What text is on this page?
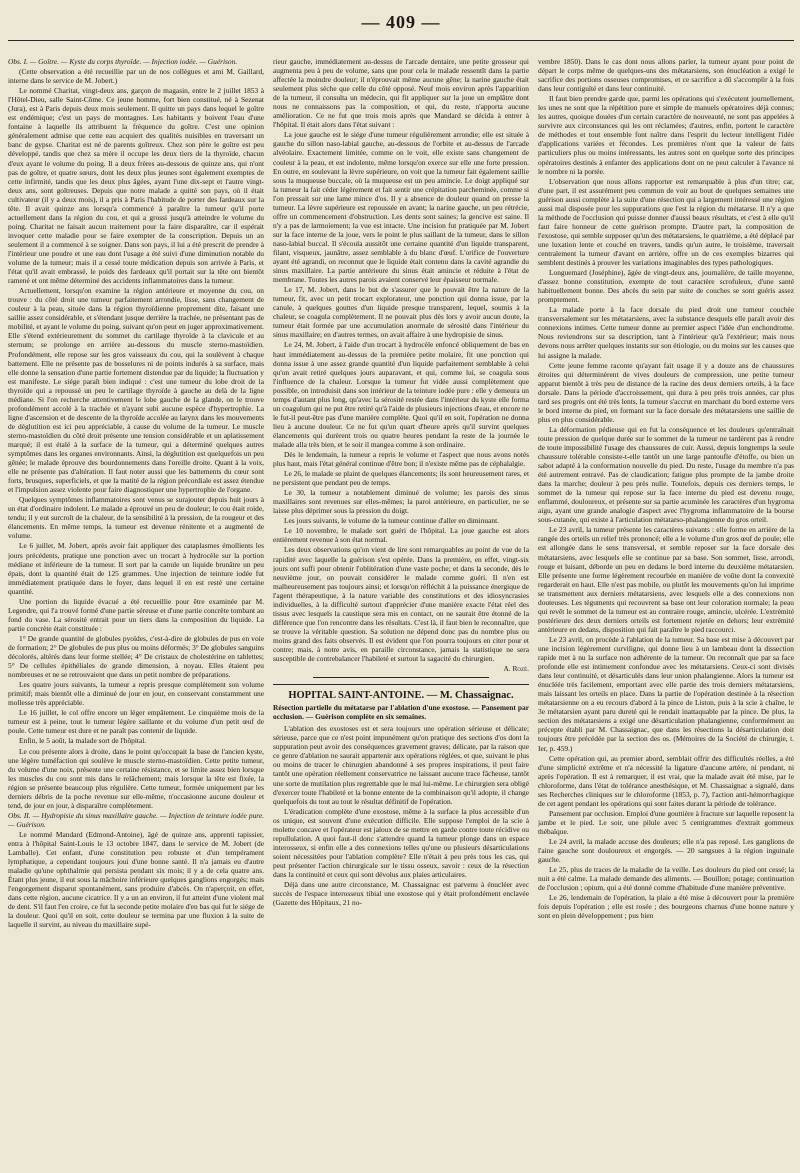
— 409 —

Obs. I. — Goître. — Kyste du corps thyroïde. — Injection iodée. — Guérison.

(Cette observation a été recueillie par un de nos collègues et ami M. Gaillard, interne dans le service de M. Jobert.)

Le nommé Charitat, vingt-deux ans, garçon de magasin, entre le 2 juillet 1853 à l'Hôtel-Dieu, salle Saint-Côme. Ce jeune homme, fort bien constitué, né à Sezenat (Jura), est à Paris depuis deux mois seulement. Il quitte un pays dans lequel le goître est endémique; c'est un pays de montagnes. Les habitants y boivent l'eau d'une fontaine à laquelle ils attribuent la fréquence du goître. C'est une opinion généralement admise que cette eau acquiert des qualités nuisibles en traversant un banc de gypse. Charitat est né de parents goîtreux. Chez son père le goître est peu développé, tandis que chez sa mère il occupe les deux tiers de la thyroïde, chacun d'eux ayant le volume du poing. Il a deux frères au-dessous de quinze ans, qui n'ont pas de goître, et quatre sœurs, dont les deux plus jeunes sont également exemptes de cette infirmité, tandis que les deux plus âgées, ayant l'une dix-sept et l'autre vingt-deux ans, sont goîtreuses. Depuis que notre malade a quitté son pays, où il était cultivateur (il y a deux mois), il a pris à Paris l'habitude de porter des fardeaux sur la tête. Il avait quinze ans lorsqu'a commencé à paraître la tumeur qu'il porte actuellement dans la région du cou, et qui a grossi jusqu'à atteindre le volume du poing. Charitat ne faisait aucun traitement pour la faire disparaître, car il espérait invoquer cette maladie pour se faire exempter de la conscription. Depuis un an seulement il a commencé à se soigner. Dans son pays, il lui a été prescrit de prendre à l'intérieur une poudre et une eau dont l'usage a été suivi d'une diminution notable du volume de la tumeur; mais il a cessé toute médication depuis son arrivée à Paris, et l'état qu'il avait embrassé, le poids des fardeaux qu'il portait sur la tête ont bientôt ramené et ont même déterminé des accidents inflammatoires dans la tumeur.

Actuellement, lorsqu'on examine la région antérieure et moyenne du cou, on trouve : du côté droit une tumeur parfaitement arrondie, lisse, sans changement de couleur à la peau, située dans la région thyroïdienne proprement dite, faisant une saillie assez considérable, et s'étendant jusque derrière la trachée, ne présentant pas de mobilité, et ayant le volume du poing, suivant qu'on peut en juger approximativement. Elle s'étend extérieurement du sommet du cartilage thyroïde à la clavicule et au sternum; se prolonge en arrière au-dessous du muscle sterno-mastoïdien. Profondément, elle repose sur les gros vaisseaux du cou, qui la soulèvent à chaque battement. Elle ne présente pas de bosselures ni de points indurés à sa surface, mais elle donne la sensation d'une partie fortement distendue par du liquide; la fluctuation y est manifeste. Le siége paraît bien indiqué : c'est une tumeur du lobe droit de la thyroïde qui a repoussé un peu le cartilage thyroïde à gauche au delà de la ligne médiane. Si l'on recherche attentivement le lobe gauche de la glande, on le trouve profondément accolé à la trachée et n'ayant subi aucune espèce d'hypertrophie. La ligne d'ascension et de descente de la thyroïde accolée au larynx dans les mouvements de déglutition est ici peu appréciable, à cause du volume de la tumeur. Le muscle sterno-mastoïdien du côté droit présente une tension considérable et un aplatissement marqué; il est étalé à la surface de la tumeur, qui a déterminé quelques autres symptômes dans les organes environnants. Ainsi, la déglutition est quelquefois un peu gênée; le malade éprouve des bourdonnements dans l'oreille droite. Quant à la voix, elle ne présente pas d'altération. Il faut noter aussi que les battements du cœur sont forts, brusques, superficiels, et que la matité de la région précordiale est assez étendue et l'impulsion assez violente pour faire diagnostiquer une hypertrophie de l'organe.

Quelques symptômes inflammatoires sont venus se surajouter depuis huit jours à un état d'ordinaire indolent. Le malade a éprouvé un peu de douleur; le cou était roide, tendu; il y eut surcroît de la chaleur, de la sensibilité à la pression, de la rougeur et des élancements. En même temps, la tumeur est devenue rénitente et a augmenté de volume.

Le 6 juillet, M. Jobert, après avoir fait appliquer des cataplasmes émollients les jours précédents, pratique une ponction avec un trocart à hydrocèle sur la portion médiane et inférieure de la tumeur. Il sort par la canule un liquide brunâtre un peu épais, dont la quantité était de 125 grammes. Une injection de teinture iodée fut immédiatement pratiquée dans le foyer, dans lequel il en est resté une certaine quantité.

Une portion du liquide évacué a été recueillie pour être examinée par M. Legendre, qui l'a trouvé formé d'une partie séreuse et d'une partie concrète tombant au fond du vase. La sérosité entrait pour un tiers dans la composition du liquide. La partie concrète était constituée :

1° De grande quantité de globules pyoïdes, c'est-à-dire de globules de pus en voie de formation; 2° De globules de pus plus ou moins déformés; 3° De globules sanguins décolorés, altérés dans leur forme stellée; 4° De cristaux de cholestérine en tablettes; 5° De cellules épithéliales de grande dimension, à noyau. Elles étaient peu nombreuses et ne se retrouvaient que dans un petit nombre de préparations.

Les quatre jours suivants, la tumeur a repris presque complètement son volume primitif; mais bientôt elle a diminué de jour en jour, en conservant constamment une mollesse très appréciable.

Le 16 juillet, le col offre encore un léger empâtement. Le cinquième mois de la tumeur est à peine, tout le tumeur légère saillante et du volume d'un petit œuf de poule. Cette tumeur est dure et ne paraît pas contenir de liquide.

Enfin, le 5 août, la malade sort de l'hôpital.

Le cou présente alors à droite, dans le point qu'occupait la base de l'ancien kyste, une légère tuméfaction qui soulève le muscle sterno-mastoïdien. Cette petite tumeur, du volume d'une noix, présente une certaine résistance, et se limite assez bien lorsque les muscles du cou sont mis dans le relâchement; mais lorsque la tête est fixée, la région se présente beaucoup plus régulière. Cette tumeur, formée uniquement par les derniers débris de la poche revenue sur elle-même, n'occasionne aucune douleur et tend, de jour en jour, à disparaître complètement.

Obs. II. — Hydropisie du sinus maxillaire gauche. — Injection de teinture iodée pure. — Guérison.

Le nommé Mandard (Edmond-Antoine), âgé de quinze ans, apprenti tapissier, entra à l'hôpital Saint-Louis le 13 octobre 1847, dans le service de M. Jobert (de Lamballe). Cet enfant, d'une constitution peu robuste et d'un tempérament lymphatique, a cependant toujours joui d'une bonne santé. Il n'a jamais eu d'autre maladie qu'une ophthalmie qui persista pendant six mois; il y a de cela quatre ans. Étant plus jeune, il eut sous la mâchoire inférieure quelques ganglions engorgés; mais l'engorgement disparut spontanément, sans produire d'abcès. On n'aperçoit, en effet, dans cette région, aucune cicatrice. Il y a un an environ, il fut atteint d'une violent mal de dent. S'il faut l'en croire, ce fut la seconde petite molaire d'en bas qui fut le siége de la douleur. Quoi qu'il en soit, cette douleur se termina par une fluxion à la suite de laquelle il survint, au niveau du maxillaire supé-

rieur gauche, immédiatement au-dessus de l'arcade dentaire, une petite grosseur qui augmenta peu à peu de volume, sans que pour cela le malade ressentît dans la partie affectée la moindre douleur; il n'éprouvait même aucune gêne; la narine gauche était seulement plus sèche que celle du côté opposé. Neuf mois environ après l'apparition de la tumeur, il consulta un médecin, qui fit appliquer sur la joue un emplâtre dont nous ne connaissons pas la composition, et qui, du reste, n'apporta aucune amélioration. Ce ne fut que trois mois après que Mandard se décida à entrer à l'hôpital. Il était alors dans l'état suivant :

La joue gauche est le siége d'une tumeur régulièrement arrondie; elle est située à gauche du sillon naso-labial gauche, au-dessous de l'orbite et au-dessus de l'arcade alvéolaire. Exactement limitée, comme on le voit, elle existe sans changement de couleur à la peau, et est indolente, même lorsqu'on exerce sur elle une forte pression. En outre, en soulevant la lèvre supérieure, on voit que la tumeur fait également saillie sous la muqueuse buccale, où la muqueuse est un peu amincie. Le doigt appliqué sur la tumeur la fait céder légèrement et fait sentir une crépitation parcheminée, comme si l'on pressait sur une lame mince d'os. Il y a absence de douleur quand on presse la tumeur. La lèvre supérieure est repoussée en avant; la narine gauche, un peu rétrécie, offre un commencement d'obstruction. Les dents sont saines; la gencive est saine. Il n'y a pas de larmoiement; la vue est intacte. Une incision fut pratiquée par M. Jobert sur la face interne de la joue, vers le point le plus saillant de la tumeur, dans le sillon naso-labial buccal. Il s'écoula aussitôt une certaine quantité d'un liquide transparent, filant, visqueux, jaunâtre, assez semblable à du blanc d'œuf. L'orifice de l'ouverture ayant été agrandi, on reconnut que le liquide était contenu dans la cavité agrandie du sinus maxillaire. La partie antérieure du sinus était amincie et réduite à l'état de membrane. Toutes les autres parois avaient conservé leur épaisseur normale.

Le 17, M. Jobert, dans le but de s'assurer que le pouvait être la nature de la tumeur, fit, avec un petit trocart explorateur, une ponction qui donna issue, par la canule, à quelques gouttes d'un liquide presque transparent, lequel, soumis à la chaleur, se coagula complètement. Il ne pouvait plus dès lors y avoir aucun doute, la tumeur était formée par une accumulation anormale de sérosité dans l'intérieur du sinus maxillaire; en d'autres termes, on avait affaire à une hydropisie de sinus.

Le 24, M. Jobert, à l'aide d'un trocart à hydrocèle enfoncé obliquement de bas en haut immédiatement au-dessus de la première petite molaire, fit une ponction qui donna issue à une assez grande quantité d'un liquide parfaitement semblable à celui qu'on avait retiré quelques jours auparavant, et qui, comme lui, se coagula sous l'influence de la chaleur. Lorsque la tumeur fut vidée aussi complètement que possible, on introduisit dans son intérieur de la teinture iodée pure : elle y demeura un temps d'autant plus long, qu'avec la sérosité restée dans l'intérieur du kyste elle forma un coagulum qui ne put être retiré qu'à l'aide de plusieurs injections d'eau, et encore ne le fut-il peut-être pas d'une manière complète. Quoi qu'il en soit, l'opération ne donna lieu à aucune douleur. Ce ne fut qu'un quart d'heure après qu'il survint quelques élancements qui durèrent trois ou quatre heures pendant la reste de la journée le malade alla très bien, et le soir il mangea comme à son ordinaire.

Dès le lendemain, la tumeur a repris le volume et l'aspect que nous avons notés plus haut, mais l'état général continue d'être bon; il n'existe même pas de céphalalgie.

Le 26, le malade se plaint de quelques élancements; ils sont heureusement rares, et ne persistent que pendant peu de temps.

Le 30, la tumeur a notablement diminué de volume; les parois des sinus maxillaires sont revenues sur elles-mêmes; la paroi antérieure, en particulier, ne se laisse plus déprimer sous la pression du doigt.

Les jours suivants, le volume de la tumeur continue d'aller en diminuant.

Le 10 novembre, le malade sort guéri de l'hôpital. La joue gauche est alors entièrement revenue à son état normal.

Les deux observations qu'on vient de lire sont remarquables au point de vue de la rapidité avec laquelle la guérison s'est opérée. Dans la première, en effet, vingt-six jours ont suffi pour obtenir l'oblitération d'une vaste poche; et dans la seconde, dès le neuvième jour, on pouvait considérer le malade comme guéri. Il n'en est malheureusement pas toujours ainsi; et lorsqu'on réfléchit à la puissance énergique de l'agent thérapeutique, à la nature variable des constitutions et des idiosyncrasies individuelles, à la difficulté surtout d'apprécier d'une manière exacte l'état réel des tissus avec lesquels la caustique sera mis en contact, on ne saurait être étonné de la différence que l'on rencontre dans les résultats. C'est là, il faut bien le reconnaître, que se trouve la véritable question. Sa solution ne dépend donc pas du nombre plus ou moins grand des faits observés. Il est évident que l'on pourra toujours en citer pour et contre; mais, à notre avis, en paraille circonstance, jamais la statistique ne sera susceptible de contrebalancer l'habileté et surtout la sagacité du chirurgien.

A. Rozé.

HOPITAL SAINT-ANTOINE. — M. Chassaignac.

Résection partielle du métatarse par l'ablation d'une exostose. — Pansement par occlusion. — Guérison complète en six semaines.

L'ablation des exostoses est et sera toujours une opération sérieuse et délicate; sérieuse, parce que ce n'est point impunément qu'on pratique des sections d'os dont la suppuration peut avoir des conséquences gravement graves; délicate, par la raison que ce genre d'ablation ne saurait appartenir aux opérations réglées, et que, suivant le plus ou moins de tracer le chirurgien abandonné à ses propres inspirations, il peut faire tantôt une opération réellement conservatrice ne laissant aucune trace fâcheuse, tantôt une sorte de mutilation plus regrettable que le mal lui-même. Le chirurgien sera obligé d'exercer toute l'habileté et la bonne entente de la combinaison qu'il adopte, il change quelquefois du tout au tout le résultat définitif de l'opération.

L'éradication complète d'une exostose, même à la surface la plus accessible d'un os unique, est souvent d'une exécution difficile. Elle suppose l'emploi de la scie à molette concave et l'opérateur est jaloux de se mettre en garde contre toute récidive ou repullulation. A quoi faut-il donc s'attendre quand la tumeur plonge dans un espace interosseux, si enfin elle a des connexions telles qu'une ou plusieurs désarticulations soient nécessitées pour l'ablation complète? Elle n'était à peu près tous les cas, qui peut présenter l'action chirurgicale sur le tissu osseux, savoir : ceux de la résection dans la continuité et ceux qui sont dévolus aux plaies articulaires.

Déjà dans une autre circonstance, M. Chassaignac est parvenu à énucléer avec succès de l'espace interosseux tibial une exostose qui y était profondément enclavée (Gazette des Hôpitaux, 21 no-

vembre 1850). Dans le cas dont nous allons parler, la tumeur ayant pour point de départ le corps même de quelques-uns des métatarsiens, son énucléation a exigé le sacrifice des portions osseuses compromises, et ce sacrifice a dû s'accomplir à la fois dans leur contiguïté et dans leur continuité.

Il faut bien prendre garde que, parmi les opérations qui s'exécutent journellement, les unes ne sont que la répétition pure et simple de manuels opératoires déjà connus; les autres, quoique douées d'un certain caractère de nouveauté, ne sont pas appelées à survivre aux circonstances qui les ont réclamées; d'autres, enfin, portent le caractère de méthodes et tout ensemble font naître dans l'esprit du lecteur intelligent l'idée d'applications variées et fécondes. Les premières n'ont que la valeur de faits particuliers plus ou moins intéressants, les autres sont en quelque sorte des principes opératoires destinés à enfanter des applications dont on ne peut calculer à l'avance ni le nombre ni la portée.

L'observation que nous allons rapporter est remarquable à plus d'un titre; car, d'une part, il est assurément peu commun de voir au bout de quelques semaines une guérison aussi complète à la suite d'une résection qui a largement intéressé une région aussi mal disposée pour les suppurations que l'est la région du métatarse. Il n'y a que la méthode de l'occlusion qui puisse donner d'aussi beaux résultats, et c'est à elle qu'il faut faire honneur de cette guérison prompte. D'autre part, la composition de l'exostose, qui semble supposer qu'un des métatarsiens, le quatrième, a été déplacé par une luxation lente et couché en travers, tandis qu'un autre, le troisième, traversait centralement la tumeur d'avant en arrière, offre un de ces exemples bizarres qui semblent destinés à prouver les variations imaginables des types pathologiques.

Longuemard (Joséphine), âgée de vingt-deux ans, journalière, de taille moyenne, d'assez bonne constitution, exempte de tout caractère scrofuleux, d'une santé habituellement bonne. Des abcès du sein par suite de couches se sont guéris assez promptement.

La malade porte à la face dorsale du pied droit une tumeur couchée transversalement sur les métatarsiens, avec la substance desquels elle paraît avoir des connexions intimes. Cette tumeur donne au premier aspect l'idée d'un enchondrome. Nous reviendrons sur sa description, tant à l'intérieur qu'à l'extérieur; mais nous devons nous arrêter quelques instants sur son étiologie, ou du moins sur les causes que lui assigne la malade.

Cette jeune femme raconte qu'ayant fait usage il y a douze ans de chaussures étroites qui déterminèrent de vives douleurs de compression, une petite tumeur apparut bientôt à très peu de distance de la racine des deux derniers orteils, à la face dorsale. Dans la période d'accroissement, qui dura à peu près trois années, car plus tard ses progrès ont été très lents, la tumeur s'accrut en marchant du bord externe vers le bord interne du pied, en formant sur la face dorsale des métatarsiens une saillie de plus en plus considérable.

La déformation pédieuse qui en fut la conséquence et les douleurs qu'entraînait toute pression de quelque durée sur le sommet de la tumeur ne tardèrent pas à rendre de toute impossibilité l'usage des chaussures de cuir. Aussi, depuis longtemps la seule chaussure tolérable consiste-t-elle tantôt un une large pantoufle d'étoffe, ou bien un sabot adapté à la conformation nouvelle du pied. Du reste, l'usage du membre n'a pas été autrement entravé. Pas de claudication; fatigue plus prompte de la jambe droite dans la marche; douleur à peu près nulle. Toutefois, depuis ces derniers temps, le sommet de la tumeur qui repose sur la face interne du pied est devenu rouge, enflammé, douloureux, et présente sur sa partie acuminée les caractères d'un hygroma aigu, ayant une grande analogie d'aspect avec l'hygroma inflammatoire de la bourse sous-cutanée, qui existe à l'articulation métatarso-phalangienne du gros orteil.

Le 23 avril, la tumeur présente les caractères suivants : elle forme en arrière de la rangée des orteils un relief très prononcé; elle a le volume d'un gros œuf de poule; elle est allongée dans le sens transversal, et semble reposer sur la face dorsale des métatarsiens, avec lesquels elle se continue par sa base. Son sommet, lisse, arrondi, rouge et luisant, déborde un peu en dedans le bord interne du deuxième métatarsien. Elle présente une forme légèrement recourbée en manière de voûte dont la convexité regarderait en haut. Elle n'est pas mobile, ou plutôt les mouvements qu'on lui imprime se transmettent aux derniers métatarsiens, avec lesquels elle a des connexions non douteuses. Les téguments qui recouvrent sa base ont leur coloration normale; la peau qui revêt le sommet de la tumeur est au contraire rouge, amincie, ulcérée. L'extrémité postérieure des deux derniers orteils est fortement rejetée en dehors; leur extrémité antérieure en dedans, disposition qui fait paraître le pied raccourci.

Le 23 avril, on procède à l'ablation de la tumeur. Sa base est mise à découvert par une incision légèrement curviligne, qui donne lieu à un lambeau dont la dissection rapide met à nu la surface non adhérente de la tumeur. On reconnaît que par sa face profonde elle est intimement confondue avec les métatarsiens. Ceux-ci sont divisés dans leur continuité, et désarticulés dans leur union phalangienne. Alors la tumeur est énucléée très facilement, emportant avec elle partie des trois derniers métatarsiens, mais laissant les orteils en place. Dans la partie de l'opération destinée à la résection métatarsienne on a eu recours d'abord à la pince de Liston, puis à la scie à chaîne, le 3e métatarsien ayant paru dureté qui le rendait inattaquable par la pince. De plus, la section des métatarsiens a exigé une désarticulation phalangienne, conformément au précepte établi par M. Chassaignac, que dans les résections la désarticulation doit toujours être précédée par la section des os. (Mémoires de la Société de chirurgie, t. Ier, p. 459.)

Cette opération qui, au premier abord, semblait offrir des difficultés réelles, a été d'une simplicité extrême et n'a nécessité la ligature d'aucune artère, ni pendant, ni après l'opération. Il est à remarquer, il est vrai, que la malade avait été mise, par le chloroforme, dans l'état de tolérance anesthésique, et M. Chassaignac a signalé, dans ses Recherches cliniques sur le chloroforme (1853, p. 7), l'action anti-hémorrhagique de cet agent pendant les opérations qui sont faites durant la période de tolérance.

Pansement par occlusion. Emploi d'une gouttière à fracture sur laquelle reposent la jambe et le pied. Le soir, une pilule avec 5 centigrammes d'extrait gommeux thébaïque.

Le 24 avril, la malade accuse des douleurs; elle n'a pas reposé. Les ganglions de l'aine gauche sont douloureux et engorgés. — 20 sangsues à la région inguinale gauche.

Le 25, plus de traces de la maladie de la veille. Les douleurs du pied ont cessé; la nuit a été calme. La malade demande des aliments. — Bouillon; potage; continuation de l'occlusion ; opium, qui a été donné comme d'habitude d'une manière préventive.

Le 26, lendemain de l'opération, la plaie a été mise à découvert pour la première fois depuis l'opération ; elle est rosée ; des bourgeons charnus d'une bonne nature y sont en plein développement ; pus bien
